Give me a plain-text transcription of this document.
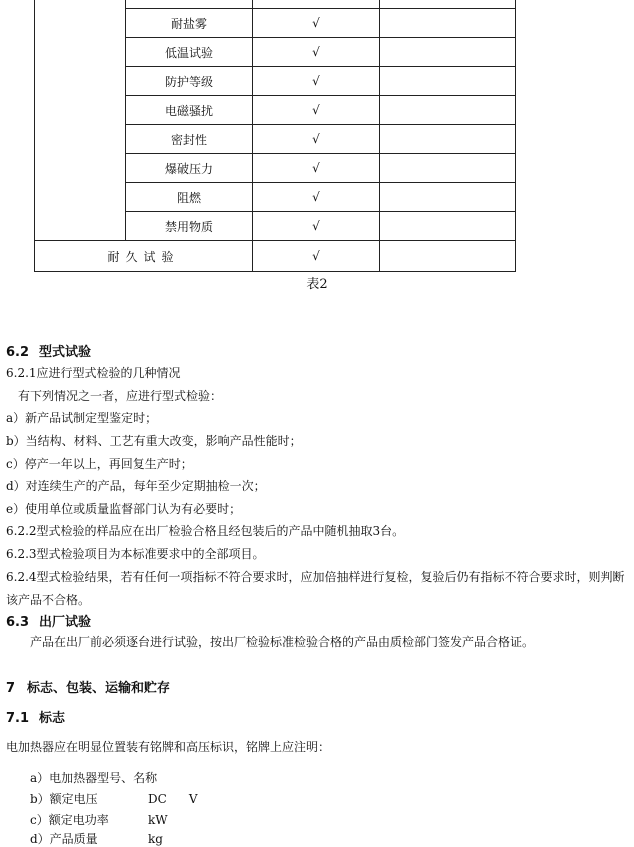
	耐盐雾	√	
	低温试验	√	
	防护等级	√	
	电磁骚扰	√	
	密封性	√	
	爆破压力	√	
	阻燃	√	
	禁用物质	√	
耐久试验		√	
表2
6.2 型式试验
6.2.1应进行型式检验的几种情况
有下列情况之一者，应进行型式检验：
a）新产品试制定型鉴定时；
b）当结构、材料、工艺有重大改变，影响产品性能时；
c）停产一年以上，再回复生产时；
d）对连续生产的产品，每年至少定期抽检一次；
e）使用单位或质量监督部门认为有必要时；
6.2.2型式检验的样品应在出厂检验合格且经包装后的产品中随机抽取3台。
6.2.3型式检验项目为本标准要求中的全部项目。
6.2.4型式检验结果，若有任何一项指标不符合要求时，应加倍抽样进行复检，复验后仍有指标不符合要求时，则判断
该产品不合格。
6.3 出厂试验
产品在出厂前必须逐台进行试验，按出厂检验标准检验合格的产品由质检部门签发产品合格证。
7 标志、包装、运输和贮存
7.1 标志
电加热器应在明显位置装有铭牌和高压标识，铭牌上应注明：
a）电加热器型号、名称
b）额定电压	DC V
c）额定电功率	kW
d）产品质量	kg
